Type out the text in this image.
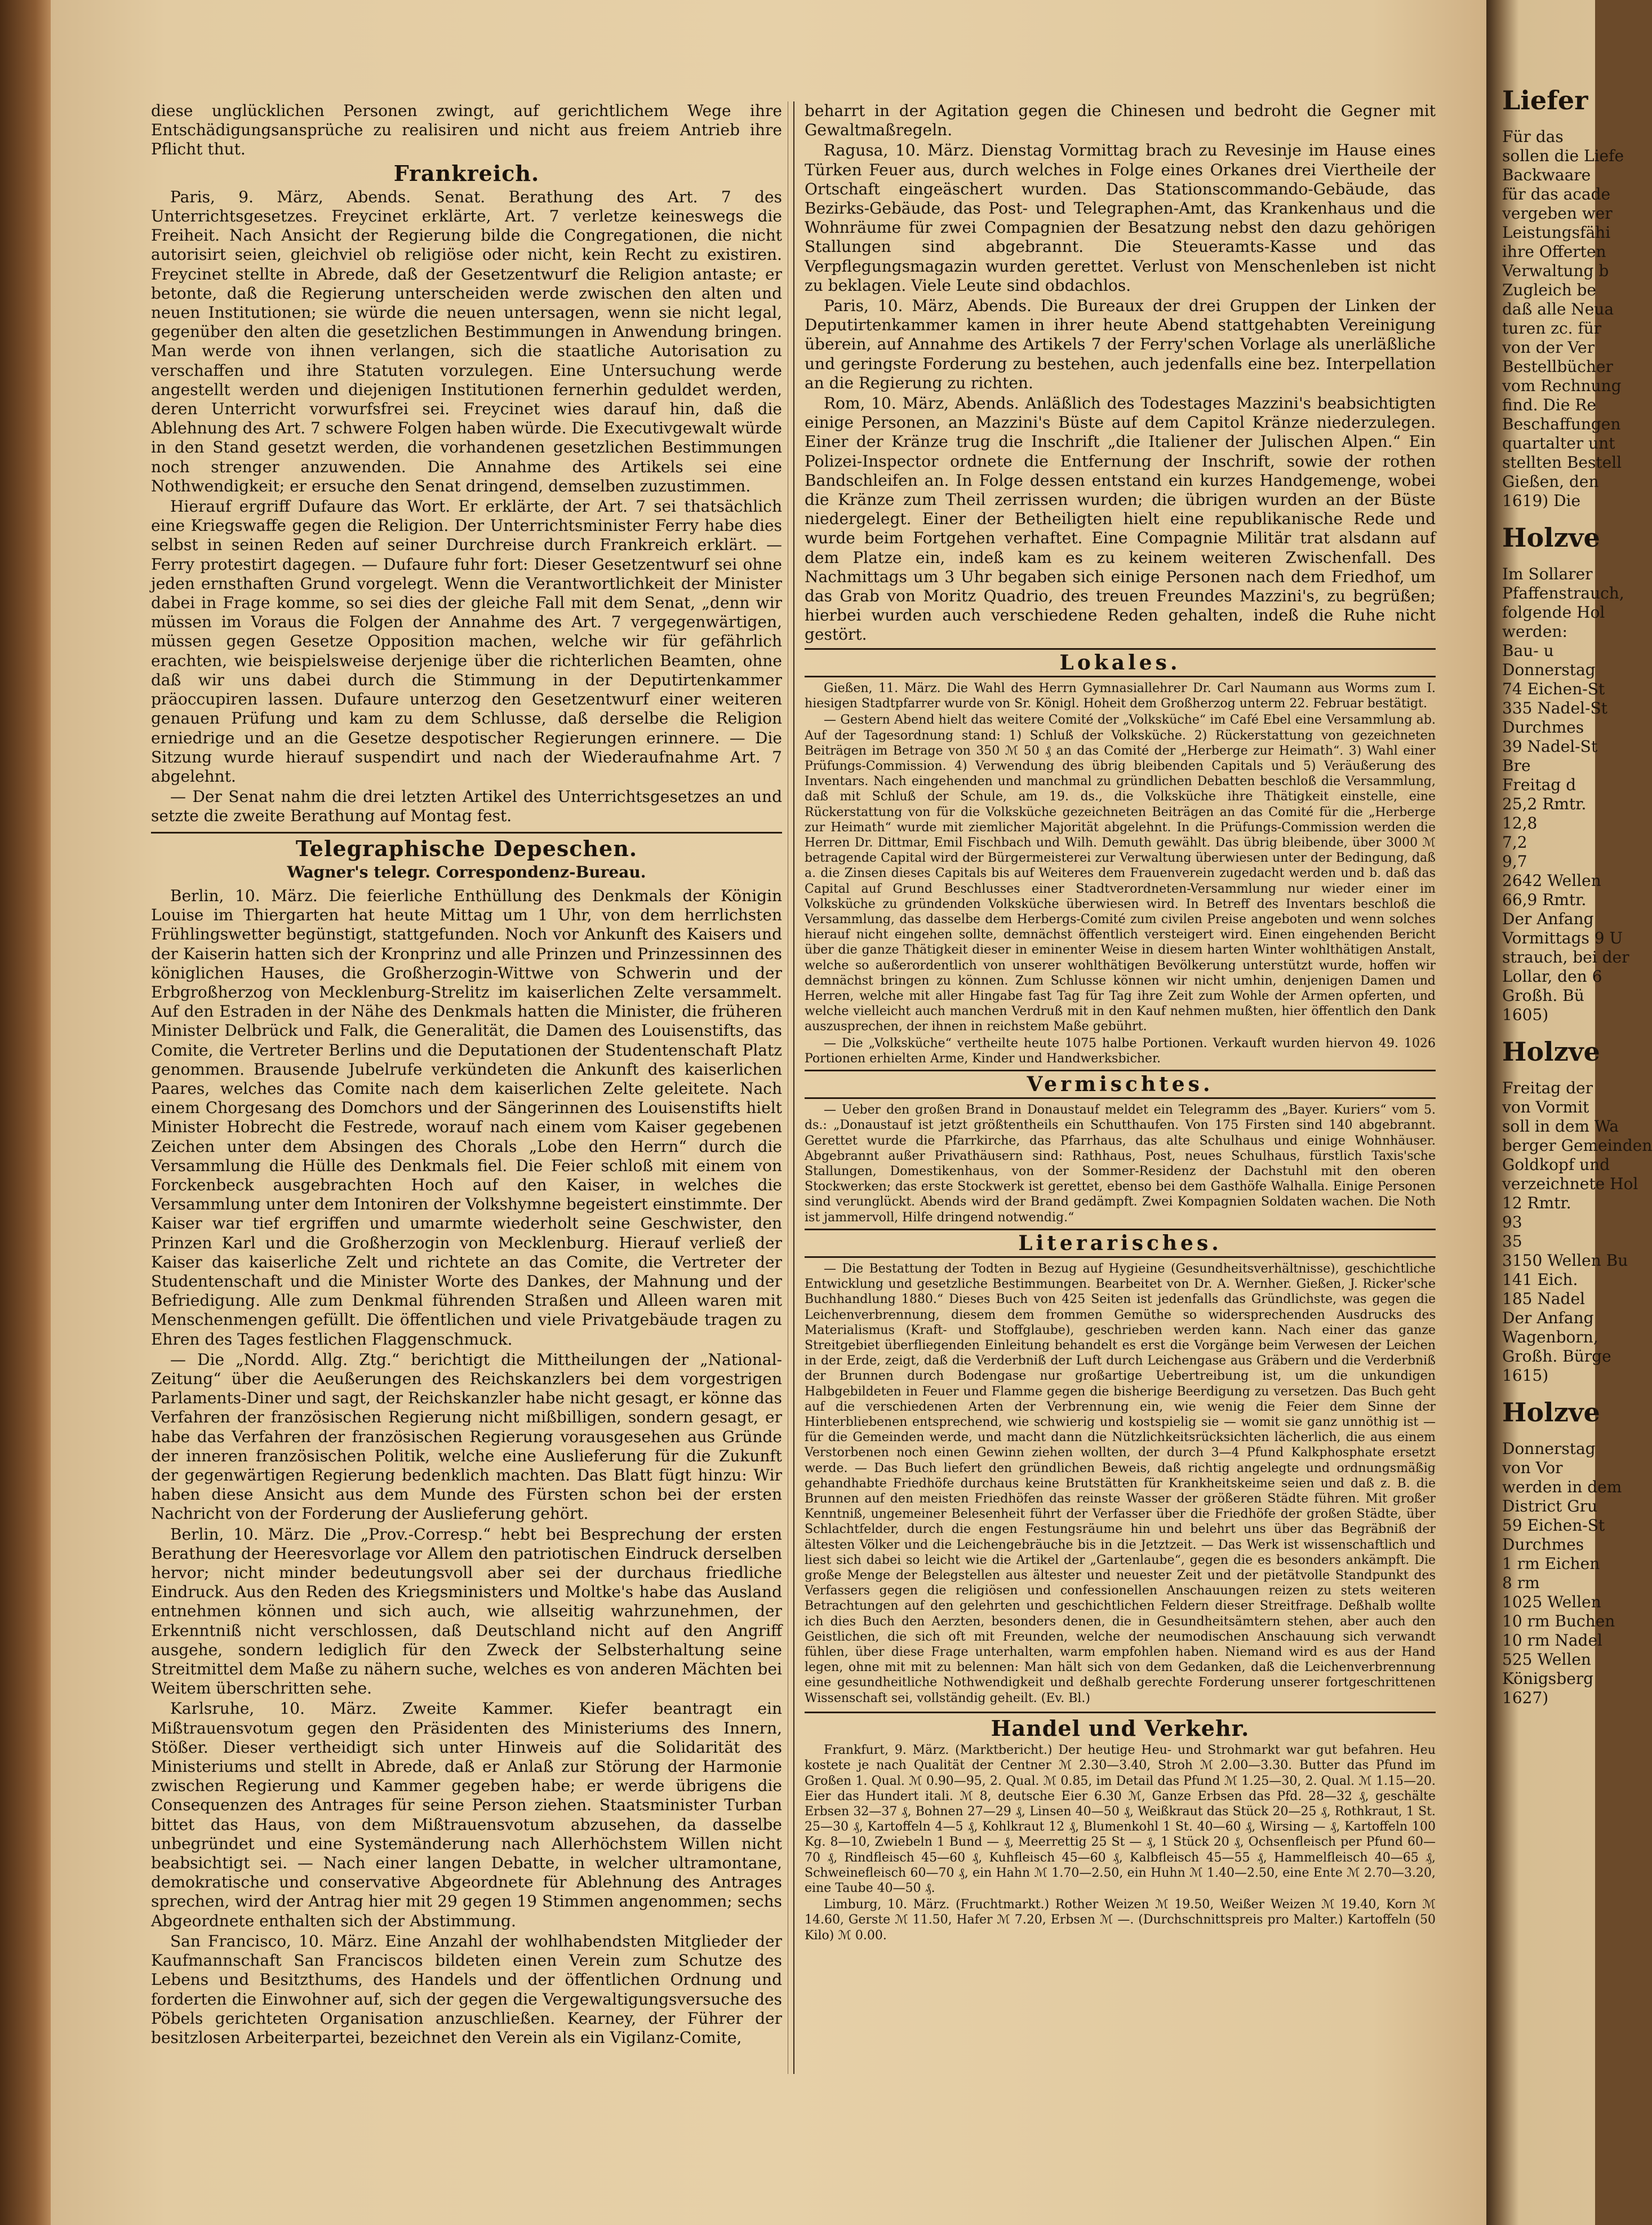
diese unglücklichen Personen zwingt, auf gerichtlichem Wege ihre Entschädigungsansprüche zu realisiren und nicht aus freiem Antrieb ihre Pflicht thut.

Frankreich.

Paris, 9. März, Abends. Senat. Berathung des Art. 7 des Unterrichtsgesetzes. Freycinet erklärte, Art. 7 verletze keineswegs die Freiheit. Nach Ansicht der Regierung bilde die Congregationen, die nicht autorisirt seien, gleichviel ob religiöse oder nicht, kein Recht zu existiren. Freycinet stellte in Abrede, daß der Gesetzentwurf die Religion antaste; er betonte, daß die Regierung unterscheiden werde zwischen den alten und neuen Institutionen; sie würde die neuen untersagen, wenn sie nicht legal, gegenüber den alten die gesetzlichen Bestimmungen in Anwendung bringen. Man werde von ihnen verlangen, sich die staatliche Autorisation zu verschaffen und ihre Statuten vorzulegen. Eine Untersuchung werde angestellt werden und diejenigen Institutionen fernerhin geduldet werden, deren Unterricht vorwurfsfrei sei. Freycinet wies darauf hin, daß die Ablehnung des Art. 7 schwere Folgen haben würde. Die Executivgewalt würde in den Stand gesetzt werden, die vorhandenen gesetzlichen Bestimmungen noch strenger anzuwenden. Die Annahme des Artikels sei eine Nothwendigkeit; er ersuche den Senat dringend, demselben zuzustimmen.

Hierauf ergriff Dufaure das Wort. Er erklärte, der Art. 7 sei thatsächlich eine Kriegswaffe gegen die Religion. Der Unterrichtsminister Ferry habe dies selbst in seinen Reden auf seiner Durchreise durch Frankreich erklärt. — Ferry protestirt dagegen. — Dufaure fuhr fort: Dieser Gesetzentwurf sei ohne jeden ernsthaften Grund vorgelegt. Wenn die Verantwortlichkeit der Minister dabei in Frage komme, so sei dies der gleiche Fall mit dem Senat, „denn wir müssen im Voraus die Folgen der Annahme des Art. 7 vergegenwärtigen, müssen gegen Gesetze Opposition machen, welche wir für gefährlich erachten, wie beispielsweise derjenige über die richterlichen Beamten, ohne daß wir uns dabei durch die Stimmung in der Deputirtenkammer präoccupiren lassen. Dufaure unterzog den Gesetzentwurf einer weiteren genauen Prüfung und kam zu dem Schlusse, daß derselbe die Religion erniedrige und an die Gesetze despotischer Regierungen erinnere. — Die Sitzung wurde hierauf suspendirt und nach der Wiederaufnahme Art. 7 abgelehnt.

— Der Senat nahm die drei letzten Artikel des Unterrichtsgesetzes an und setzte die zweite Berathung auf Montag fest.

Telegraphische Depeschen.
Wagner's telegr. Correspondenz-Bureau.

Berlin, 10. März. Die feierliche Enthüllung des Denkmals der Königin Louise im Thiergarten hat heute Mittag um 1 Uhr, von dem herrlichsten Frühlingswetter begünstigt, stattgefunden. Noch vor Ankunft des Kaisers und der Kaiserin hatten sich der Kronprinz und alle Prinzen und Prinzessinnen des königlichen Hauses, die Großherzogin-Wittwe von Schwerin und der Erbgroßherzog von Mecklenburg-Strelitz im kaiserlichen Zelte versammelt. Auf den Estraden in der Nähe des Denkmals hatten die Minister, die früheren Minister Delbrück und Falk, die Generalität, die Damen des Louisenstifts, das Comite, die Vertreter Berlins und die Deputationen der Studentenschaft Platz genommen. Brausende Jubelrufe verkündeten die Ankunft des kaiserlichen Paares, welches das Comite nach dem kaiserlichen Zelte geleitete. Nach einem Chorgesang des Domchors und der Sängerinnen des Louisenstifts hielt Minister Hobrecht die Festrede, worauf nach einem vom Kaiser gegebenen Zeichen unter dem Absingen des Chorals „Lobe den Herrn“ durch die Versammlung die Hülle des Denkmals fiel. Die Feier schloß mit einem von Forckenbeck ausgebrachten Hoch auf den Kaiser, in welches die Versammlung unter dem Intoniren der Volkshymne begeistert einstimmte. Der Kaiser war tief ergriffen und umarmte wiederholt seine Geschwister, den Prinzen Karl und die Großherzogin von Mecklenburg. Hierauf verließ der Kaiser das kaiserliche Zelt und richtete an das Comite, die Vertreter der Studentenschaft und die Minister Worte des Dankes, der Mahnung und der Befriedigung. Alle zum Denkmal führenden Straßen und Alleen waren mit Menschenmengen gefüllt. Die öffentlichen und viele Privatgebäude tragen zu Ehren des Tages festlichen Flaggenschmuck.

— Die „Nordd. Allg. Ztg.“ berichtigt die Mittheilungen der „National-Zeitung“ über die Aeußerungen des Reichskanzlers bei dem vorgestrigen Parlaments-Diner und sagt, der Reichskanzler habe nicht gesagt, er könne das Verfahren der französischen Regierung nicht mißbilligen, sondern gesagt, er habe das Verfahren der französischen Regierung vorausgesehen aus Gründe der inneren französischen Politik, welche eine Auslieferung für die Zukunft der gegenwärtigen Regierung bedenklich machten. Das Blatt fügt hinzu: Wir haben diese Ansicht aus dem Munde des Fürsten schon bei der ersten Nachricht von der Forderung der Auslieferung gehört.

Berlin, 10. März. Die „Prov.-Corresp.“ hebt bei Besprechung der ersten Berathung der Heeresvorlage vor Allem den patriotischen Eindruck derselben hervor; nicht minder bedeutungsvoll aber sei der durchaus friedliche Eindruck. Aus den Reden des Kriegsministers und Moltke's habe das Ausland entnehmen können und sich auch, wie allseitig wahrzunehmen, der Erkenntniß nicht verschlossen, daß Deutschland nicht auf den Angriff ausgehe, sondern lediglich für den Zweck der Selbsterhaltung seine Streitmittel dem Maße zu nähern suche, welches es von anderen Mächten bei Weitem überschritten sehe.

Karlsruhe, 10. März. Zweite Kammer. Kiefer beantragt ein Mißtrauensvotum gegen den Präsidenten des Ministeriums des Innern, Stößer. Dieser vertheidigt sich unter Hinweis auf die Solidarität des Ministeriums und stellt in Abrede, daß er Anlaß zur Störung der Harmonie zwischen Regierung und Kammer gegeben habe; er werde übrigens die Consequenzen des Antrages für seine Person ziehen. Staatsminister Turban bittet das Haus, von dem Mißtrauensvotum abzusehen, da dasselbe unbegründet und eine Systemänderung nach Allerhöchstem Willen nicht beabsichtigt sei. — Nach einer langen Debatte, in welcher ultramontane, demokratische und conservative Abgeordnete für Ablehnung des Antrages sprechen, wird der Antrag hier mit 29 gegen 19 Stimmen angenommen; sechs Abgeordnete enthalten sich der Abstimmung.

San Francisco, 10. März. Eine Anzahl der wohlhabendsten Mitglieder der Kaufmannschaft San Franciscos bildeten einen Verein zum Schutze des Lebens und Besitzthums, des Handels und der öffentlichen Ordnung und forderten die Einwohner auf, sich der gegen die Vergewaltigungsversuche des Pöbels gerichteten Organisation anzuschließen. Kearney, der Führer der besitzlosen Arbeiterpartei, bezeichnet den Verein als ein Vigilanz-Comite,

beharrt in der Agitation gegen die Chinesen und bedroht die Gegner mit Gewaltmaßregeln.

Ragusa, 10. März. Dienstag Vormittag brach zu Revesinje im Hause eines Türken Feuer aus, durch welches in Folge eines Orkanes drei Viertheile der Ortschaft eingeäschert wurden. Das Stationscommando-Gebäude, das Bezirks-Gebäude, das Post- und Telegraphen-Amt, das Krankenhaus und die Wohnräume für zwei Compagnien der Besatzung nebst den dazu gehörigen Stallungen sind abgebrannt. Die Steueramts-Kasse und das Verpflegungsmagazin wurden gerettet. Verlust von Menschenleben ist nicht zu beklagen. Viele Leute sind obdachlos.

Paris, 10. März, Abends. Die Bureaux der drei Gruppen der Linken der Deputirtenkammer kamen in ihrer heute Abend stattgehabten Vereinigung überein, auf Annahme des Artikels 7 der Ferry'schen Vorlage als unerläßliche und geringste Forderung zu bestehen, auch jedenfalls eine bez. Interpellation an die Regierung zu richten.

Rom, 10. März, Abends. Anläßlich des Todestages Mazzini's beabsichtigten einige Personen, an Mazzini's Büste auf dem Capitol Kränze niederzulegen. Einer der Kränze trug die Inschrift „die Italiener der Julischen Alpen.“ Ein Polizei-Inspector ordnete die Entfernung der Inschrift, sowie der rothen Bandschleifen an. In Folge dessen entstand ein kurzes Handgemenge, wobei die Kränze zum Theil zerrissen wurden; die übrigen wurden an der Büste niedergelegt. Einer der Betheiligten hielt eine republikanische Rede und wurde beim Fortgehen verhaftet. Eine Compagnie Militär trat alsdann auf dem Platze ein, indeß kam es zu keinem weiteren Zwischenfall. Des Nachmittags um 3 Uhr begaben sich einige Personen nach dem Friedhof, um das Grab von Moritz Quadrio, des treuen Freundes Mazzini's, zu begrüßen; hierbei wurden auch verschiedene Reden gehalten, indeß die Ruhe nicht gestört.

Lokales.

Gießen, 11. März. Die Wahl des Herrn Gymnasiallehrer Dr. Carl Naumann aus Worms zum I. hiesigen Stadtpfarrer wurde von Sr. Königl. Hoheit dem Großherzog unterm 22. Februar bestätigt.

— Gestern Abend hielt das weitere Comité der „Volksküche“ im Café Ebel eine Versammlung ab. Auf der Tagesordnung stand: 1) Schluß der Volksküche. 2) Rückerstattung von gezeichneten Beiträgen im Betrage von 350 ℳ 50 ₰ an das Comité der „Herberge zur Heimath“. 3) Wahl einer Prüfungs-Commission. 4) Verwendung des übrig bleibenden Capitals und 5) Veräußerung des Inventars. Nach eingehenden und manchmal zu gründlichen Debatten beschloß die Versammlung, daß mit Schluß der Schule, am 19. ds., die Volksküche ihre Thätigkeit einstelle, eine Rückerstattung von für die Volksküche gezeichneten Beiträgen an das Comité für die „Herberge zur Heimath“ wurde mit ziemlicher Majorität abgelehnt. In die Prüfungs-Commission werden die Herren Dr. Dittmar, Emil Fischbach und Wilh. Demuth gewählt. Das übrig bleibende, über 3000 ℳ betragende Capital wird der Bürgermeisterei zur Verwaltung überwiesen unter der Bedingung, daß a. die Zinsen dieses Capitals bis auf Weiteres dem Frauenverein zugedacht werden und b. daß das Capital auf Grund Beschlusses einer Stadtverordneten-Versammlung nur wieder einer im Volksküche zu gründenden Volksküche überwiesen wird. In Betreff des Inventars beschloß die Versammlung, das dasselbe dem Herbergs-Comité zum civilen Preise angeboten und wenn solches hierauf nicht eingehen sollte, demnächst öffentlich versteigert wird. Einen eingehenden Bericht über die ganze Thätigkeit dieser in eminenter Weise in diesem harten Winter wohlthätigen Anstalt, welche so außerordentlich von unserer wohlthätigen Bevölkerung unterstützt wurde, hoffen wir demnächst bringen zu können. Zum Schlusse können wir nicht umhin, denjenigen Damen und Herren, welche mit aller Hingabe fast Tag für Tag ihre Zeit zum Wohle der Armen opferten, und welche vielleicht auch manchen Verdruß mit in den Kauf nehmen mußten, hier öffentlich den Dank auszusprechen, der ihnen in reichstem Maße gebührt.

— Die „Volksküche“ vertheilte heute 1075 halbe Portionen. Verkauft wurden hiervon 49. 1026 Portionen erhielten Arme, Kinder und Handwerksbicher.

Vermischtes.

— Ueber den großen Brand in Donaustauf meldet ein Telegramm des „Bayer. Kuriers“ vom 5. ds.: „Donaustauf ist jetzt größtentheils ein Schutthaufen. Von 175 Firsten sind 140 abgebrannt. Gerettet wurde die Pfarrkirche, das Pfarrhaus, das alte Schulhaus und einige Wohnhäuser. Abgebrannt außer Privathäusern sind: Rathhaus, Post, neues Schulhaus, fürstlich Taxis'sche Stallungen, Domestikenhaus, von der Sommer-Residenz der Dachstuhl mit den oberen Stockwerken; das erste Stockwerk ist gerettet, ebenso bei dem Gasthöfe Walhalla. Einige Personen sind verunglückt. Abends wird der Brand gedämpft. Zwei Kompagnien Soldaten wachen. Die Noth ist jammervoll, Hilfe dringend notwendig.“

Literarisches.

— Die Bestattung der Todten in Bezug auf Hygieine (Gesundheitsverhältnisse), geschichtliche Entwicklung und gesetzliche Bestimmungen. Bearbeitet von Dr. A. Wernher. Gießen, J. Ricker'sche Buchhandlung 1880.“ Dieses Buch von 425 Seiten ist jedenfalls das Gründlichste, was gegen die Leichenverbrennung, diesem dem frommen Gemüthe so widersprechenden Ausdrucks des Materialismus (Kraft- und Stoffglaube), geschrieben werden kann. Nach einer das ganze Streitgebiet überfliegenden Einleitung behandelt es erst die Vorgänge beim Verwesen der Leichen in der Erde, zeigt, daß die Verderbniß der Luft durch Leichengase aus Gräbern und die Verderbniß der Brunnen durch Bodengase nur großartige Uebertreibung ist, um die unkundigen Halbgebildeten in Feuer und Flamme gegen die bisherige Beerdigung zu versetzen. Das Buch geht auf die verschiedenen Arten der Verbrennung ein, wie wenig die Feier dem Sinne der Hinterbliebenen entsprechend, wie schwierig und kostspielig sie — womit sie ganz unnöthig ist — für die Gemeinden werde, und macht dann die Nützlichkeitsrücksichten lächerlich, die aus einem Verstorbenen noch einen Gewinn ziehen wollten, der durch 3—4 Pfund Kalkphosphate ersetzt werde. — Das Buch liefert den gründlichen Beweis, daß richtig angelegte und ordnungsmäßig gehandhabte Friedhöfe durchaus keine Brutstätten für Krankheitskeime seien und daß z. B. die Brunnen auf den meisten Friedhöfen das reinste Wasser der größeren Städte führen. Mit großer Kenntniß, ungemeiner Belesenheit führt der Verfasser über die Friedhöfe der großen Städte, über Schlachtfelder, durch die engen Festungsräume hin und belehrt uns über das Begräbniß der ältesten Völker und die Leichengebräuche bis in die Jetztzeit. — Das Werk ist wissenschaftlich und liest sich dabei so leicht wie die Artikel der „Gartenlaube“, gegen die es besonders ankämpft. Die große Menge der Belegstellen aus ältester und neuester Zeit und der pietätvolle Standpunkt des Verfassers gegen die religiösen und confessionellen Anschauungen reizen zu stets weiteren Betrachtungen auf den gelehrten und geschichtlichen Feldern dieser Streitfrage. Deßhalb wollte ich dies Buch den Aerzten, besonders denen, die in Gesundheitsämtern stehen, aber auch den Geistlichen, die sich oft mit Freunden, welche der neumodischen Anschauung sich verwandt fühlen, über diese Frage unterhalten, warm empfohlen haben. Niemand wird es aus der Hand legen, ohne mit mit zu belennen: Man hält sich von dem Gedanken, daß die Leichenverbrennung eine gesundheitliche Nothwendigkeit und deßhalb gerechte Forderung unserer fortgeschrittenen Wissenschaft sei, vollständig geheilt. (Ev. Bl.)

Handel und Verkehr.

Frankfurt, 9. März. (Marktbericht.) Der heutige Heu- und Strohmarkt war gut befahren. Heu kostete je nach Qualität der Centner ℳ 2.30—3.40, Stroh ℳ 2.00—3.30. Butter das Pfund im Großen 1. Qual. ℳ 0.90—95, 2. Qual. ℳ 0.85, im Detail das Pfund ℳ 1.25—30, 2. Qual. ℳ 1.15—20. Eier das Hundert itali. ℳ 8, deutsche Eier 6.30 ℳ, Ganze Erbsen das Pfd. 28—32 ₰, geschälte Erbsen 32—37 ₰, Bohnen 27—29 ₰, Linsen 40—50 ₰, Weißkraut das Stück 20—25 ₰, Rothkraut, 1 St. 25—30 ₰, Kartoffeln 4—5 ₰, Kohlkraut 12 ₰, Blumenkohl 1 St. 40—60 ₰, Wirsing — ₰, Kartoffeln 100 Kg. 8—10, Zwiebeln 1 Bund — ₰, Meerrettig 25 St — ₰, 1 Stück 20 ₰, Ochsenfleisch per Pfund 60—70 ₰, Rindfleisch 45—60 ₰, Kuhfleisch 45—60 ₰, Kalbfleisch 45—55 ₰, Hammelfleisch 40—65 ₰, Schweinefleisch 60—70 ₰, ein Hahn ℳ 1.70—2.50, ein Huhn ℳ 1.40—2.50, eine Ente ℳ 2.70—3.20, eine Taube 40—50 ₰.

Limburg, 10. März. (Fruchtmarkt.) Rother Weizen ℳ 19.50, Weißer Weizen ℳ 19.40, Korn ℳ 14.60, Gerste ℳ 11.50, Hafer ℳ 7.20, Erbsen ℳ —. (Durchschnittspreis pro Malter.) Kartoffeln (50 Kilo) ℳ 0.00.

Liefer
Für das
sollen die Liefe
Backwaare
für das acade
vergeben wer
Leistungsfähi
ihre Offerten
Verwaltung b
Zugleich be
daß alle Neua
turen zc. für
von der Ver
Bestellbücher
vom Rechnung
find. Die Re
Beschaffungen
quartalter unt
stellten Bestell
Gießen, den
1619) Die
Holzve
Im Sollarer
Pfaffenstrauch,
folgende Hol
werden:
Bau- u
Donnerstag
74 Eichen-St
335 Nadel-St
Durchmes
39 Nadel-St
Bre
Freitag d
25,2 Rmtr.
12,8
7,2
9,7
2642 Wellen
66,9 Rmtr.
Der Anfang
Vormittags 9 U
strauch, bei der
Lollar, den 6
Großh. Bü
1605)
Holzve
Freitag der
von Vormit
soll in dem Wa
berger Gemeinden
Goldkopf und
verzeichnete Hol
12 Rmtr.
93
35
3150 Wellen Bu
141 Eich.
185 Nadel
Der Anfang
Wagenborn,
Großh. Bürge
1615)
Holzve
Donnerstag
von Vor
werden in dem
District Gru
59 Eichen-St
Durchmes
1 rm Eichen
8 rm
1025 Wellen
10 rm Buchen
10 rm Nadel
525 Wellen
Königsberg
1627)
